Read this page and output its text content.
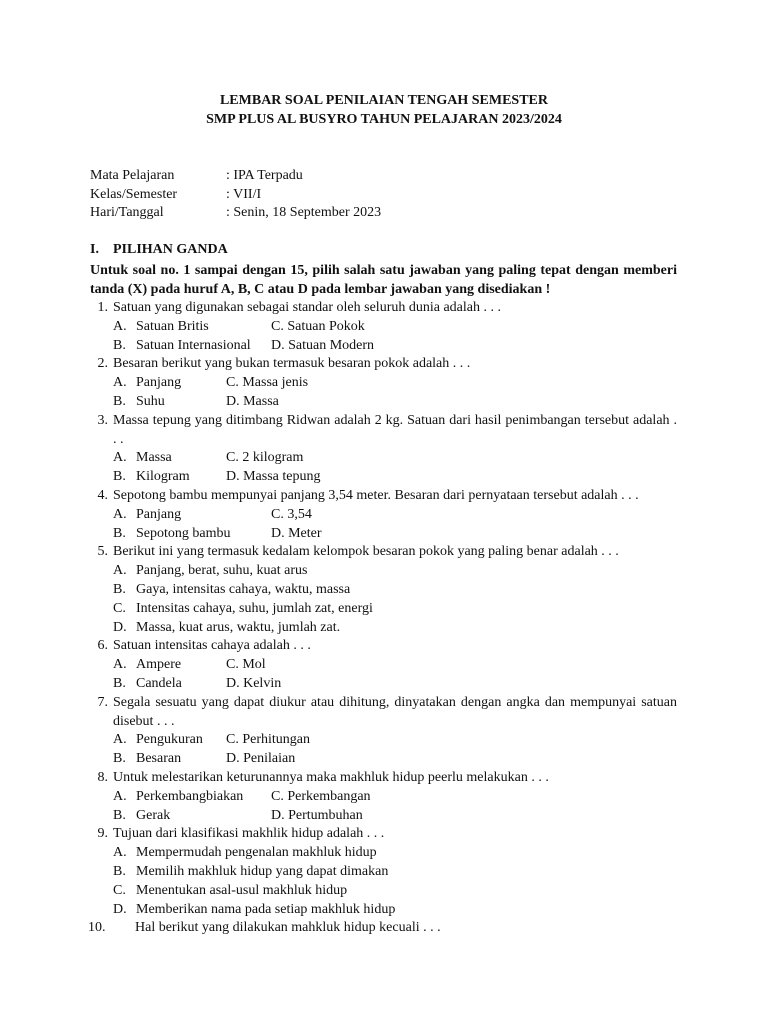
LEMBAR SOAL PENILAIAN TENGAH SEMESTER
SMP PLUS AL BUSYRO TAHUN PELAJARAN 2023/2024
Mata Pelajaran	: IPA Terpadu
Kelas/Semester	: VII/I
Hari/Tanggal	: Senin, 18 September 2023
I. PILIHAN GANDA
Untuk soal no. 1 sampai dengan 15, pilih salah satu jawaban yang paling tepat dengan memberi tanda (X) pada huruf A, B, C atau D pada lembar jawaban yang disediakan !
1. Satuan yang digunakan sebagai standar oleh seluruh dunia adalah . . .
A. Satuan Britis	C. Satuan Pokok
B. Satuan Internasional D. Satuan Modern
2. Besaran berikut yang bukan termasuk besaran pokok adalah . . .
A. Panjang	C. Massa jenis
B. Suhu	D. Massa
3. Massa tepung yang ditimbang Ridwan adalah 2 kg. Satuan dari hasil penimbangan tersebut adalah . . .
A. Massa	C. 2 kilogram
B. Kilogram	D. Massa tepung
4. Sepotong bambu mempunyai panjang 3,54 meter. Besaran dari pernyataan tersebut adalah . . .
A. Panjang	C. 3,54
B. Sepotong bambu	D. Meter
5. Berikut ini yang termasuk kedalam kelompok besaran pokok yang paling benar adalah . . .
A. Panjang, berat, suhu, kuat arus
B. Gaya, intensitas cahaya, waktu, massa
C. Intensitas cahaya, suhu, jumlah zat, energi
D. Massa, kuat arus, waktu, jumlah zat.
6. Satuan intensitas cahaya adalah . . .
A. Ampere	C. Mol
B. Candela	D. Kelvin
7. Segala sesuatu yang dapat diukur atau dihitung, dinyatakan dengan angka dan mempunyai satuan disebut . . .
A. Pengukuran C. Perhitungan
B. Besaran	D. Penilaian
8. Untuk melestarikan keturunannya maka makhluk hidup peerlu melakukan . . .
A. Perkembangbiakan C. Perkembangan
B. Gerak	D. Pertumbuhan
9. Tujuan dari klasifikasi makhlik hidup adalah . . .
A. Mempermudah pengenalan makhluk hidup
B. Memilih makhluk hidup yang dapat dimakan
C. Menentukan asal-usul makhluk hidup
D. Memberikan nama pada setiap makhluk hidup
10.	Hal berikut yang dilakukan mahkluk hidup kecuali . . .
